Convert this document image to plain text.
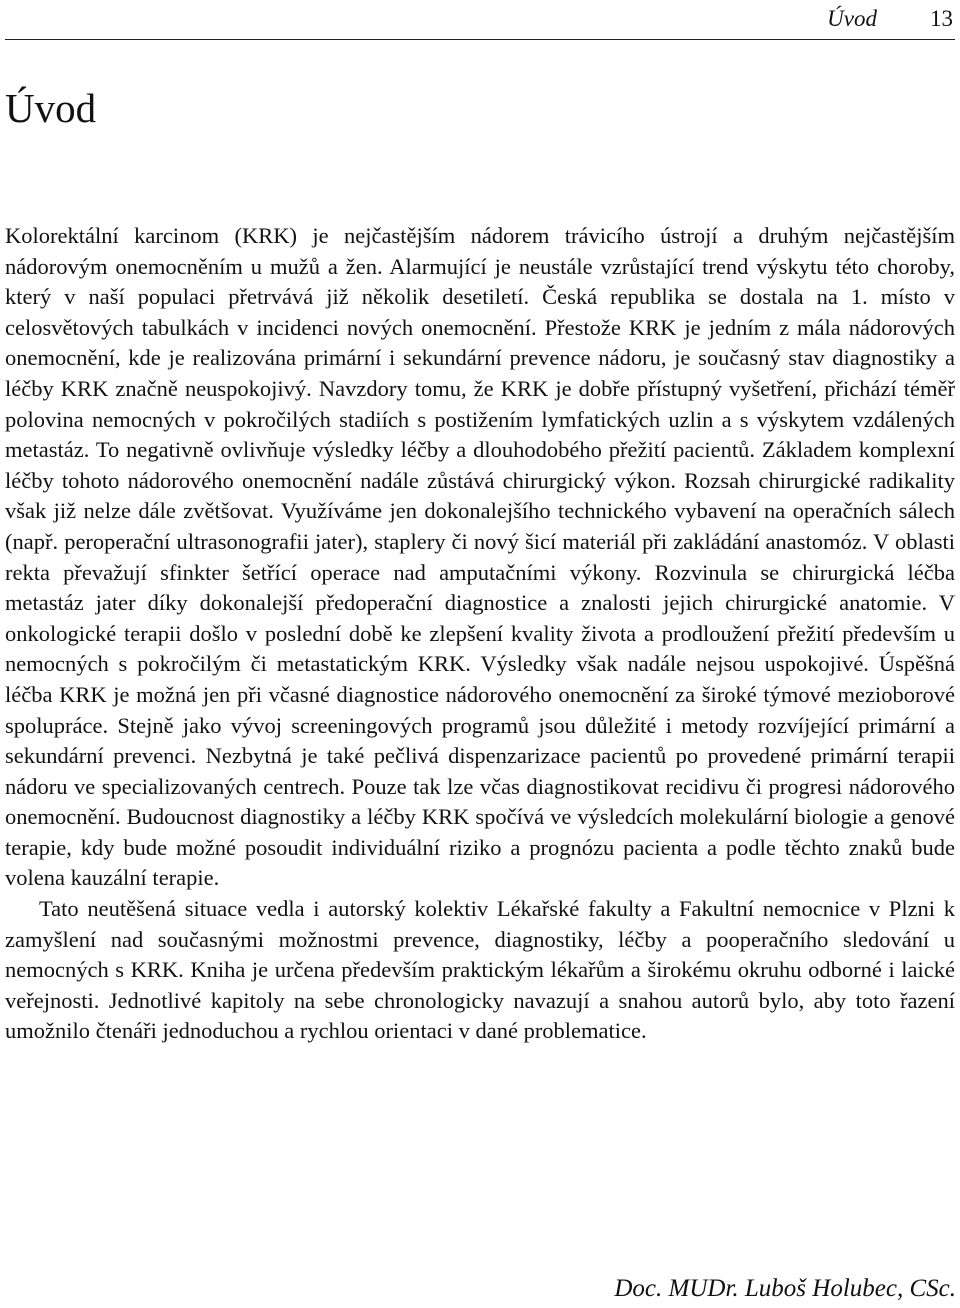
Úvod 13
Úvod

Kolorektální karcinom (KRK) je nejčastějším nádorem trávicího ústrojí a druhým nejčastějším nádorovým onemocněním u mužů a žen. Alarmující je neustále vzrůstající trend výskytu této choroby, který v naší populaci přetrvává již několik desetiletí. Česká republika se dostala na 1. místo v celosvětových tabulkách v incidenci nových onemocnění. Přestože KRK je jedním z mála nádorových onemocnění, kde je realizována primární i sekundární prevence nádoru, je současný stav diagnostiky a léčby KRK značně neuspokojivý. Navzdory tomu, že KRK je dobře přístupný vyšetření, přichází téměř polovina nemocných v pokročilých stadiích s postižením lymfatických uzlin a s výskytem vzdálených metastáz. To negativně ovlivňuje výsledky léčby a dlouhodobého přežití pacientů. Základem komplexní léčby tohoto nádorového onemocnění nadále zůstává chirurgický výkon. Rozsah chirurgické radikality však již nelze dále zvětšovat. Využíváme jen dokonalejšího technického vybavení na operačních sálech (např. peroperační ultrasonografii jater), staplery či nový šicí materiál při zakládání anastomóz. V oblasti rekta převažují sfinkter šetřící operace nad amputačními výkony. Rozvinula se chirurgická léčba metastáz jater díky dokonalejší předoperační diagnostice a znalosti jejich chirurgické anatomie. V onkologické terapii došlo v poslední době ke zlepšení kvality života a prodloužení přežití především u nemocných s pokročilým či metastatickým KRK. Výsledky však nadále nejsou uspokojivé. Úspěšná léčba KRK je možná jen při včasné diagnostice nádorového onemocnění za široké týmové mezioborové spolupráce. Stejně jako vývoj screeningových programů jsou důležité i metody rozvíjející primární a sekundární prevenci. Nezbytná je také pečlivá dispenzarizace pacientů po provedené primární terapii nádoru ve specializovaných centrech. Pouze tak lze včas diagnostikovat recidivu či progresi nádorového onemocnění. Budoucnost diagnostiky a léčby KRK spočívá ve výsledcích molekulární biologie a genové terapie, kdy bude možné posoudit individuální riziko a prognózu pacienta a podle těchto znaků bude volena kauzální terapie.

Tato neutěšená situace vedla i autorský kolektiv Lékařské fakulty a Fakultní nemocnice v Plzni k zamyšlení nad současnými možnostmi prevence, diagnostiky, léčby a pooperačního sledování u nemocných s KRK. Kniha je určena především praktickým lékařům a širokému okruhu odborné i laické veřejnosti. Jednotlivé kapitoly na sebe chronologicky navazují a snahou autorů bylo, aby toto řazení umožnilo čtenáři jednoduchou a rychlou orientaci v dané problematice.

Doc. MUDr. Luboš Holubec, CSc.
